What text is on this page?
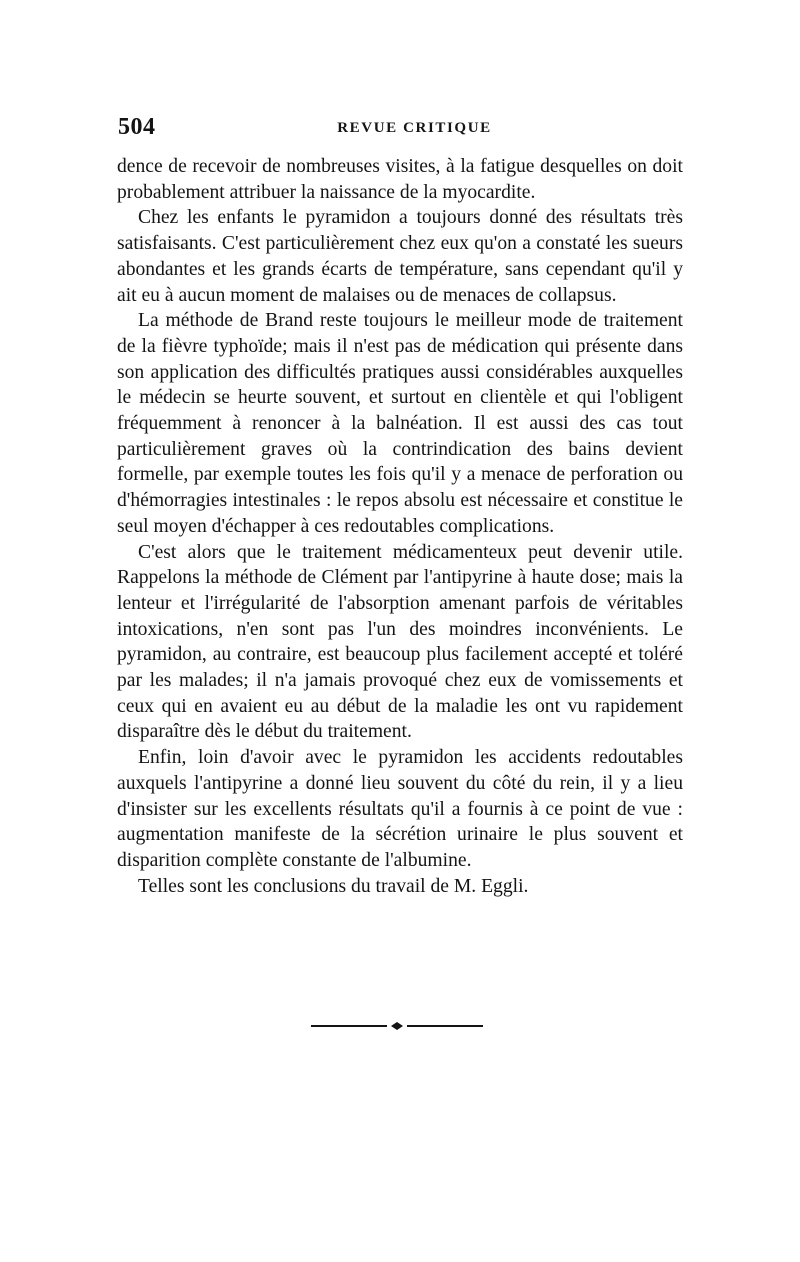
504	REVUE CRITIQUE

dence de recevoir de nombreuses visites, à la fatigue desquelles on doit probablement attribuer la naissance de la myocardite.

Chez les enfants le pyramidon a toujours donné des résultats très satisfaisants. C'est particulièrement chez eux qu'on a constaté les sueurs abondantes et les grands écarts de température, sans cependant qu'il y ait eu à aucun moment de malaises ou de menaces de collapsus.

La méthode de Brand reste toujours le meilleur mode de traitement de la fièvre typhoïde; mais il n'est pas de médication qui présente dans son application des difficultés pratiques aussi considérables auxquelles le médecin se heurte souvent, et surtout en clientèle et qui l'obligent fréquemment à renoncer à la balnéation. Il est aussi des cas tout particulièrement graves où la contrindication des bains devient formelle, par exemple toutes les fois qu'il y a menace de perforation ou d'hémorragies intestinales : le repos absolu est nécessaire et constitue le seul moyen d'échapper à ces redoutables complications.

C'est alors que le traitement médicamenteux peut devenir utile. Rappelons la méthode de Clément par l'antipyrine à haute dose; mais la lenteur et l'irrégularité de l'absorption amenant parfois de véritables intoxications, n'en sont pas l'un des moindres inconvénients. Le pyramidon, au contraire, est beaucoup plus facilement accepté et toléré par les malades; il n'a jamais provoqué chez eux de vomissements et ceux qui en avaient eu au début de la maladie les ont vu rapidement disparaître dès le début du traitement.

Enfin, loin d'avoir avec le pyramidon les accidents redoutables auxquels l'antipyrine a donné lieu souvent du côté du rein, il y a lieu d'insister sur les excellents résultats qu'il a fournis à ce point de vue : augmentation manifeste de la sécrétion urinaire le plus souvent et disparition complète constante de l'albumine.

Telles sont les conclusions du travail de M. Eggli.
